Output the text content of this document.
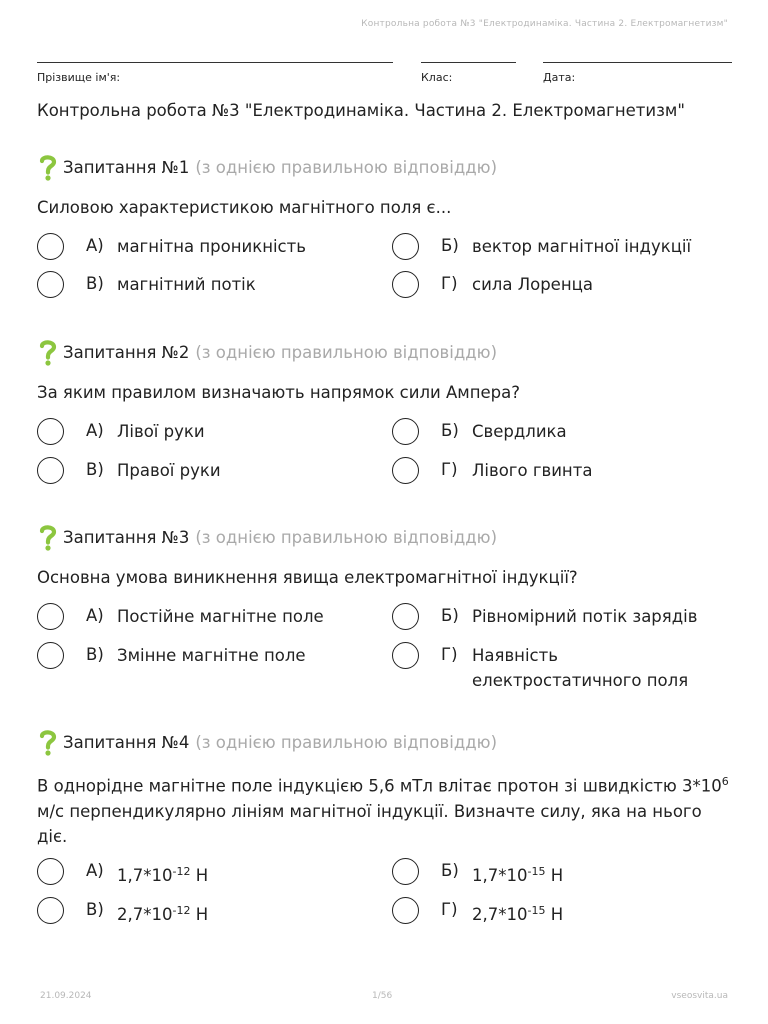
Контрольна робота №3 "Електродинаміка. Частина 2. Електромагнетизм"
Прізвище ім'я:	Клас:	Дата:
Контрольна робота №3 "Електродинаміка. Частина 2. Електромагнетизм"
Запитання №1 (з однією правильною відповіддю)
Силовою характеристикою магнітного поля є...
А) магнітна проникність	Б) вектор магнітної індукції
В) магнітний потік	Г) сила Лоренца
Запитання №2 (з однією правильною відповіддю)
За яким правилом визначають напрямок сили Ампера?
А) Лівої руки	Б) Свердлика
В) Правої руки	Г) Лівого гвинта
Запитання №3 (з однією правильною відповіддю)
Основна умова виникнення явища електромагнітної індукції?
А) Постійне магнітне поле	Б) Рівномірний потік зарядів
В) Змінне магнітне поле	Г) Наявність електростатичного поля
Запитання №4 (з однією правильною відповіддю)
В однорідне магнітне поле індукцією 5,6 мТл влітає протон зі швидкістю $3*10^6$ м/с перпендикулярно лініям магнітної індукції. Визначте силу, яка на нього діє.
А) $1,7*10^{-12}$ Н	Б) $1,7*10^{-15}$ Н
В) $2,7*10^{-12}$ Н	Г) $2,7*10^{-15}$ Н
21.09.2024	1/56	vseosvita.ua
